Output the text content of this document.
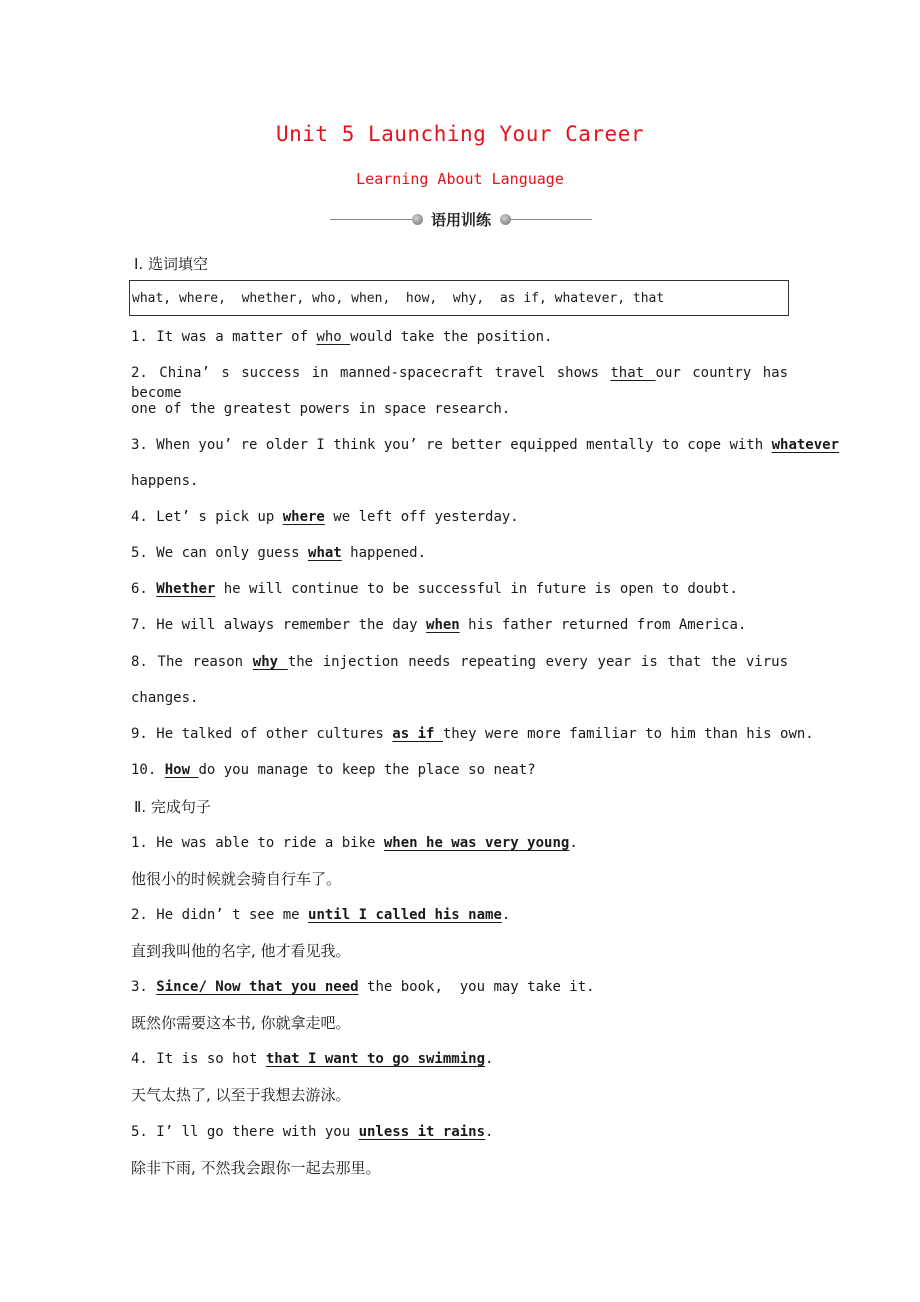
Unit 5 Launching Your Career
Learning About Language
语用训练
Ⅰ. 选词填空
what, where,  whether, who, when,  how,  why,  as if, whatever, that
1. It was a matter of who would take the position.
2. China’ s success in manned-spacecraft travel shows that our country has become
one of the greatest powers in space research.
3. When you’ re older I think you’ re better equipped mentally to cope with whatever
happens.
4. Let’ s pick up where we left off yesterday.
5. We can only guess what happened.
6. Whether he will continue to be successful in future is open to doubt.
7. He will always remember the day when his father returned from America.
8. The reason why the injection needs repeating every year is that the virus
changes.
9. He talked of other cultures as if they were more familiar to him than his own.
10. How do you manage to keep the place so neat?
Ⅱ. 完成句子
1. He was able to ride a bike when he was very young.
他很小的时候就会骑自行车了。
2. He didn’ t see me until I called his name.
直到我叫他的名字, 他才看见我。
3. Since/ Now that you need the book,  you may take it.
既然你需要这本书, 你就拿走吧。
4. It is so hot that I want to go swimming.
天气太热了, 以至于我想去游泳。
5. I’ ll go there with you unless it rains.
除非下雨, 不然我会跟你一起去那里。
